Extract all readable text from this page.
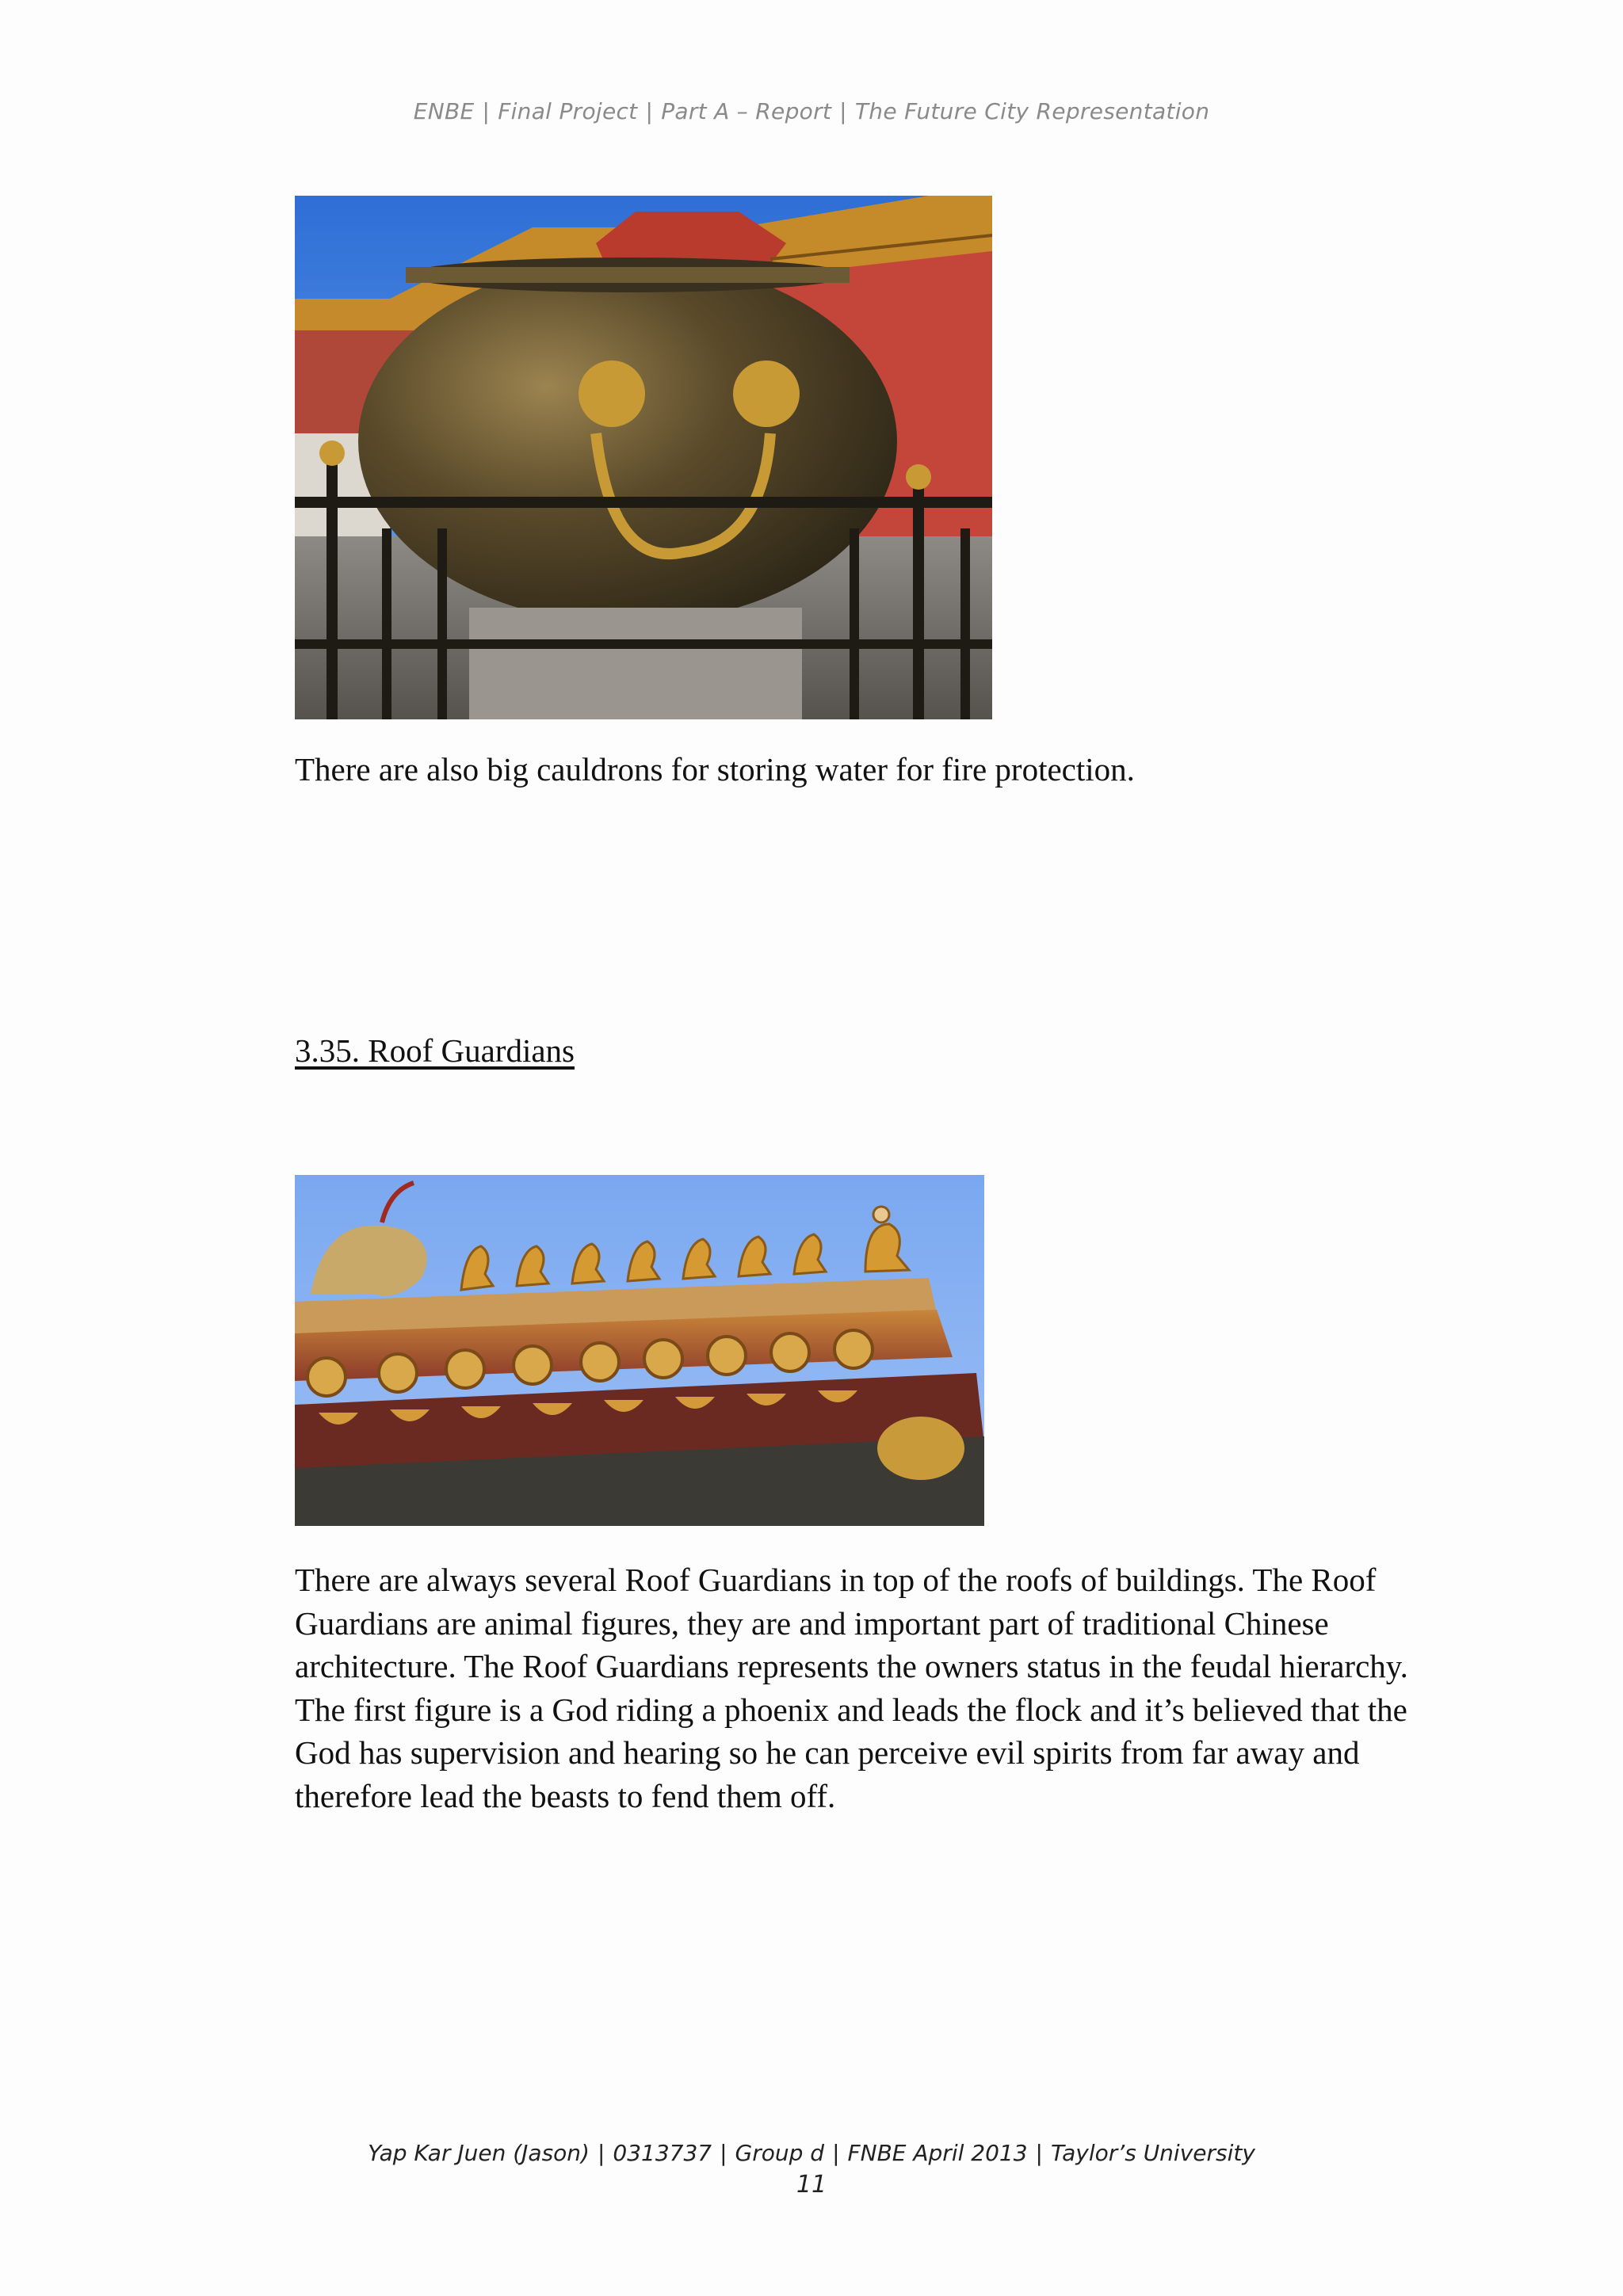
ENBE | Final Project | Part A – Report | The Future City Representation
There are also big cauldrons for storing water for fire protection.
3.35. Roof Guardians
There are always several Roof Guardians in top of the roofs of buildings. The Roof Guardians are animal figures, they are and important part of traditional Chinese architecture. The Roof Guardians represents the owners status in the feudal hierarchy. The first figure is a God riding a phoenix and leads the flock and it’s believed that the God has supervision and hearing so he can perceive evil spirits from far away and therefore lead the beasts to fend them off.
Yap Kar Juen (Jason) | 0313737 | Group d | FNBE April 2013 | Taylor’s University
11
